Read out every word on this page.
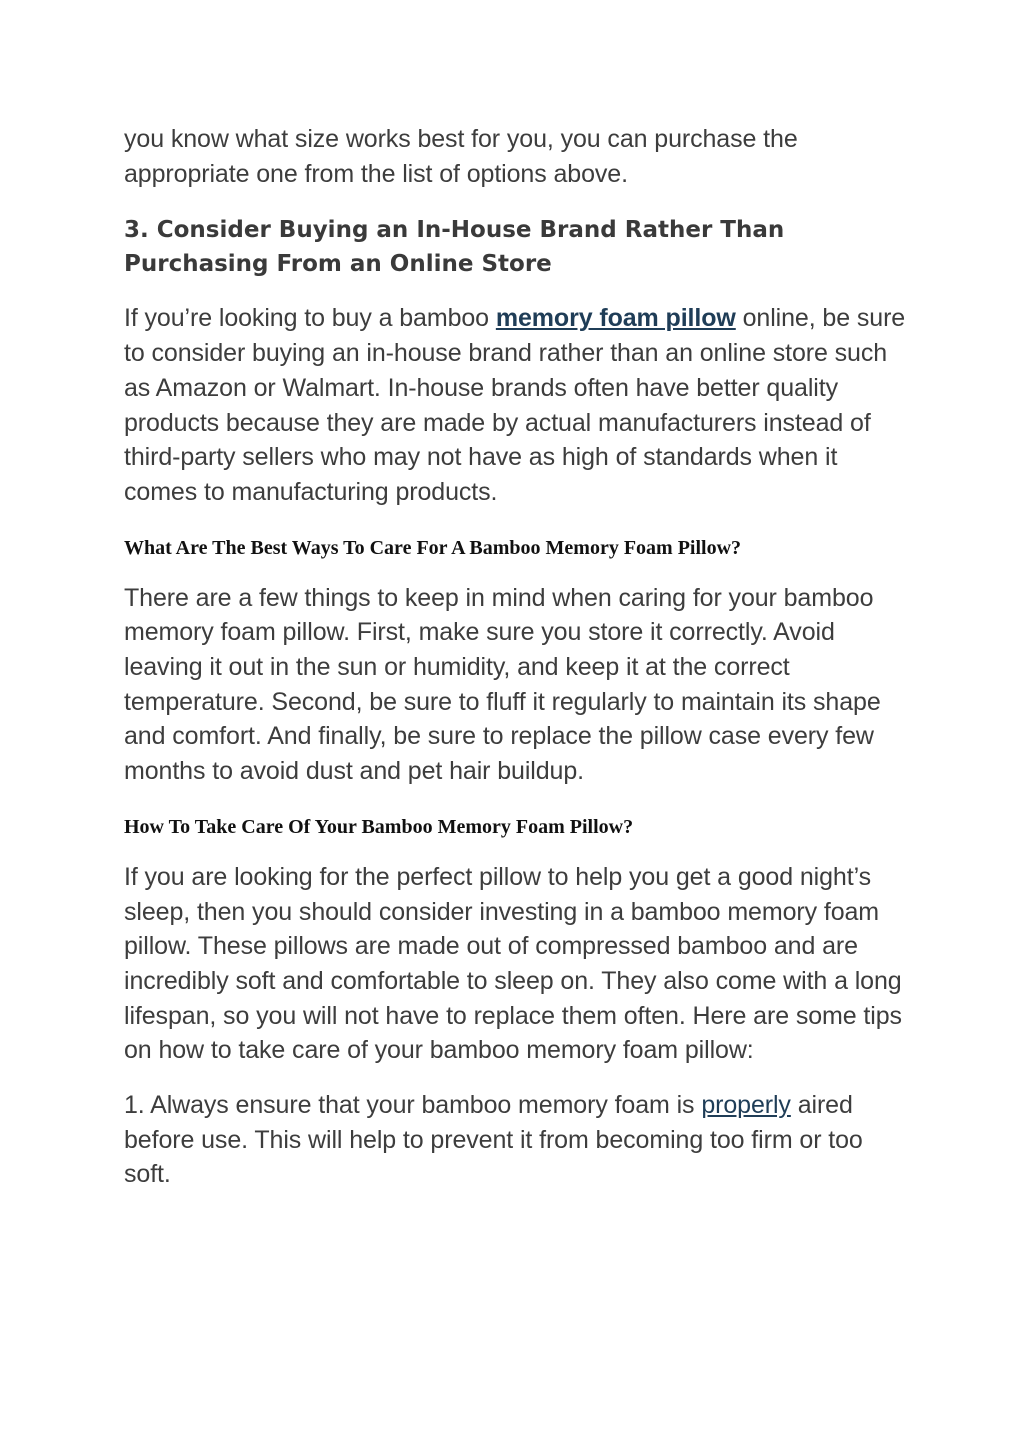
you know what size works best for you, you can purchase the appropriate one from the list of options above.

3. Consider Buying an In-House Brand Rather Than Purchasing From an Online Store

If you’re looking to buy a bamboo memory foam pillow online, be sure to consider buying an in-house brand rather than an online store such as Amazon or Walmart. In-house brands often have better quality products because they are made by actual manufacturers instead of third-party sellers who may not have as high of standards when it comes to manufacturing products.

What Are The Best Ways To Care For A Bamboo Memory Foam Pillow?

There are a few things to keep in mind when caring for your bamboo memory foam pillow. First, make sure you store it correctly. Avoid leaving it out in the sun or humidity, and keep it at the correct temperature. Second, be sure to fluff it regularly to maintain its shape and comfort. And finally, be sure to replace the pillow case every few months to avoid dust and pet hair buildup.

How To Take Care Of Your Bamboo Memory Foam Pillow?

If you are looking for the perfect pillow to help you get a good night’s sleep, then you should consider investing in a bamboo memory foam pillow. These pillows are made out of compressed bamboo and are incredibly soft and comfortable to sleep on. They also come with a long lifespan, so you will not have to replace them often. Here are some tips on how to take care of your bamboo memory foam pillow:

1. Always ensure that your bamboo memory foam is properly aired before use. This will help to prevent it from becoming too firm or too soft.
